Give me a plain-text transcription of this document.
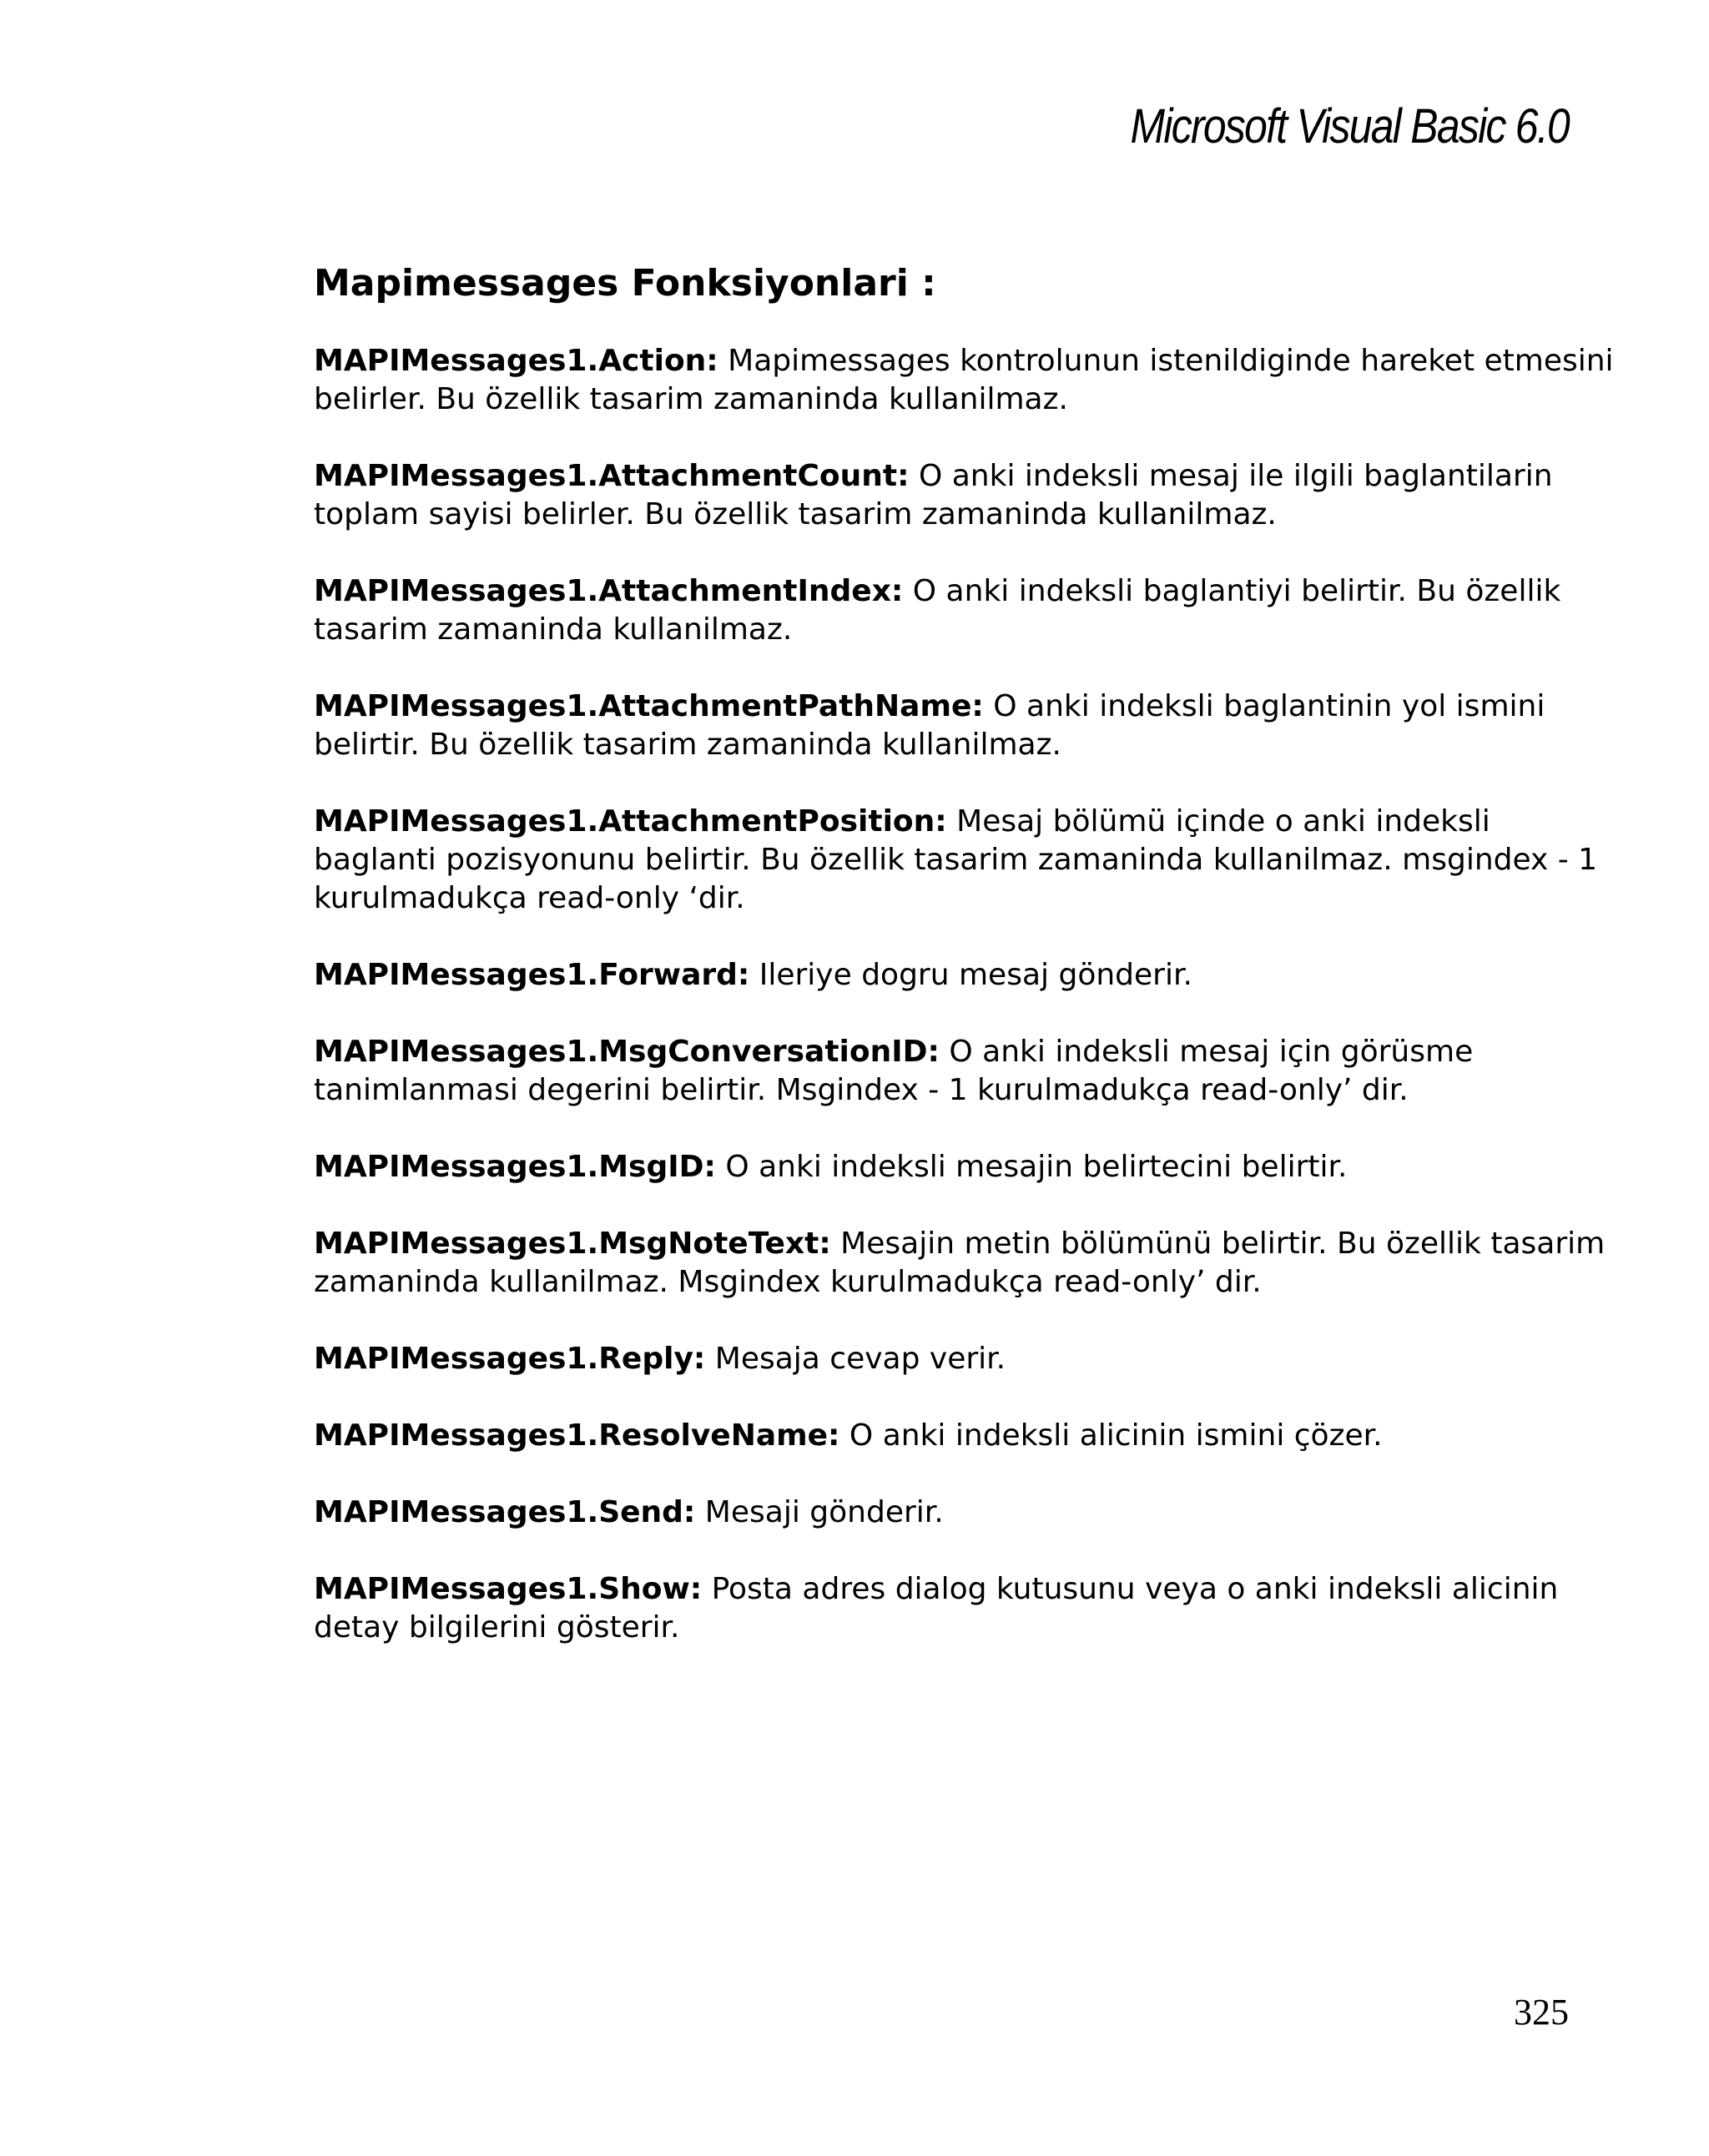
Microsoft Visual Basic 6.0
Mapimessages Fonksiyonlari :

MAPIMessages1.Action: Mapimessages kontrolunun istenildiginde hareket etmesini belirler. Bu özellik tasarim zamaninda kullanilmaz.

MAPIMessages1.AttachmentCount: O anki indeksli mesaj ile ilgili baglantilarin toplam sayisi belirler. Bu özellik tasarim zamaninda kullanilmaz.

MAPIMessages1.AttachmentIndex: O anki indeksli baglantiyi belirtir. Bu özellik tasarim zamaninda kullanilmaz.

MAPIMessages1.AttachmentPathName: O anki indeksli baglantinin yol ismini belirtir. Bu özellik tasarim zamaninda kullanilmaz.

MAPIMessages1.AttachmentPosition: Mesaj bölümü içinde o anki indeksli baglanti pozisyonunu belirtir. Bu özellik tasarim zamaninda kullanilmaz. msgindex - 1 kurulmadukça read-only ‘dir.

MAPIMessages1.Forward: Ileriye dogru mesaj gönderir.

MAPIMessages1.MsgConversationID: O anki indeksli mesaj için görüsme tanimlanmasi degerini belirtir. Msgindex - 1 kurulmadukça read-only’ dir.

MAPIMessages1.MsgID: O anki indeksli mesajin belirtecini belirtir.

MAPIMessages1.MsgNoteText: Mesajin metin bölümünü belirtir. Bu özellik tasarim zamaninda kullanilmaz. Msgindex kurulmadukça read-only’ dir.

MAPIMessages1.Reply: Mesaja cevap verir.

MAPIMessages1.ResolveName: O anki indeksli alicinin ismini çözer.

MAPIMessages1.Send: Mesaji gönderir.

MAPIMessages1.Show: Posta adres dialog kutusunu veya o anki indeksli alicinin detay bilgilerini gösterir.

325
